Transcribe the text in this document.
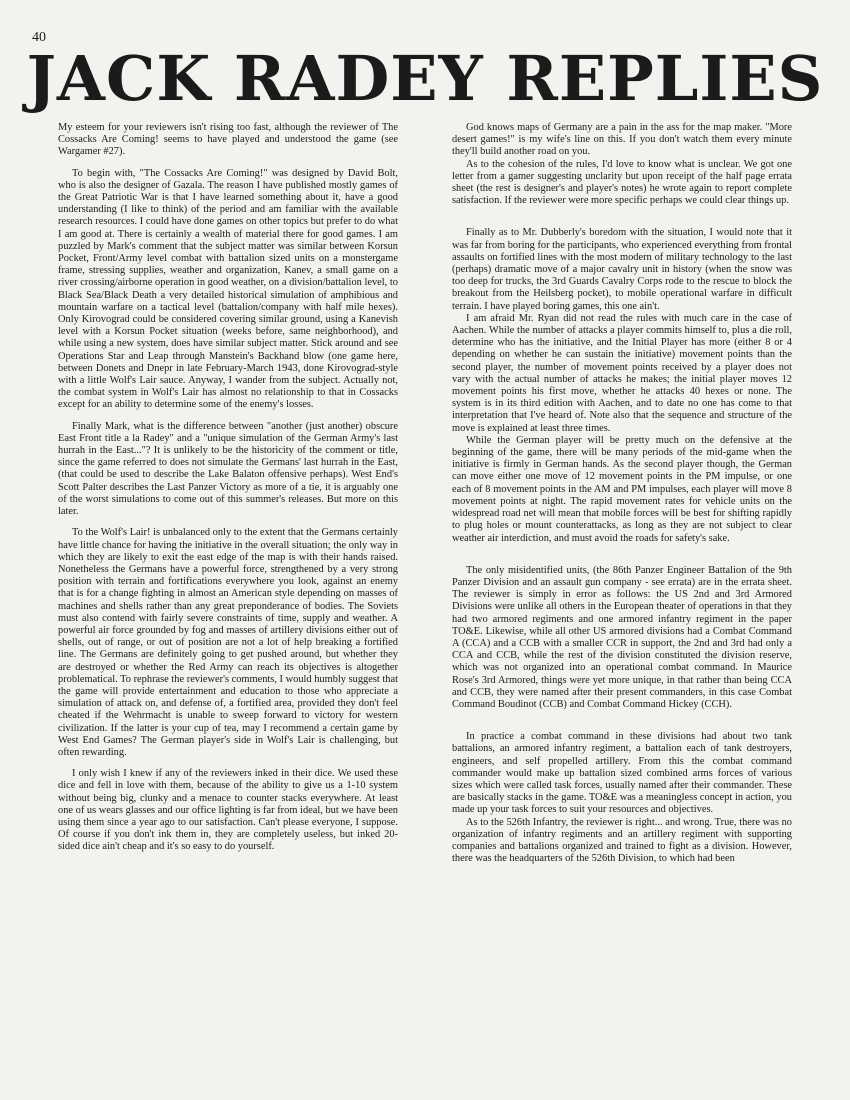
40
JACK RADEY REPLIES

My esteem for your reviewers isn't rising too fast, although the reviewer of The Cossacks Are Coming! seems to have played and understood the game (see Wargamer #27).

To begin with, "The Cossacks Are Coming!" was designed by David Bolt, who is also the designer of Gazala. The reason I have published mostly games of the Great Patriotic War is that I have learned something about it, have a good understanding (I like to think) of the period and am familiar with the available research resources. I could have done games on other topics but prefer to do what I am good at. There is certainly a wealth of material there for good games. I am puzzled by Mark's comment that the subject matter was similar between Korsun Pocket, Front/Army level combat with battalion sized units on a monstergame frame, stressing supplies, weather and organization, Kanev, a small game on a river crossing/airborne operation in good weather, on a division/battalion level, to Black Sea/Black Death a very detailed historical simulation of amphibious and mountain warfare on a tactical level (battalion/company with half mile hexes). Only Kirovograd could be considered covering similar ground, using a Kanevish level with a Korsun Pocket situation (weeks before, same neighborhood), and while using a new system, does have similar subject matter. Stick around and see Operations Star and Leap through Manstein's Backhand blow (one game here, between Donets and Dnepr in late February-March 1943, done Kirovograd-style with a little Wolf's Lair sauce. Anyway, I wander from the subject. Actually not, the combat system in Wolf's Lair has almost no relationship to that in Cossacks except for an ability to determine some of the enemy's losses.

Finally Mark, what is the difference between "another (just another) obscure East Front title a la Radey" and a "unique simulation of the German Army's last hurrah in the East..."? It is unlikely to be the historicity of the comment or title, since the game referred to does not simulate the Germans' last hurrah in the East, (that could be used to describe the Lake Balaton offensive perhaps). West End's Scott Palter describes the Last Panzer Victory as more of a tie, it is arguably one of the worst simulations to come out of this summer's releases. But more on this later.

To the Wolf's Lair! is unbalanced only to the extent that the Germans certainly have little chance for having the initiative in the overall situation; the only way in which they are likely to exit the east edge of the map is with their hands raised. Nonetheless the Germans have a powerful force, strengthened by a very strong position with terrain and fortifications everywhere you look, against an enemy that is for a change fighting in almost an American style depending on masses of machines and shells rather than any great preponderance of bodies. The Soviets must also contend with fairly severe constraints of time, supply and weather. A powerful air force grounded by fog and masses of artillery divisions either out of shells, out of range, or out of position are not a lot of help breaking a fortified line. The Germans are definitely going to get pushed around, but whether they are destroyed or whether the Red Army can reach its objectives is altogether problematical. To rephrase the reviewer's comments, I would humbly suggest that the game will provide entertainment and education to those who appreciate a simulation of attack on, and defense of, a fortified area, provided they don't feel cheated if the Wehrmacht is unable to sweep forward to victory for western civilization. If the latter is your cup of tea, may I recommend a certain game by West End Games? The German player's side in Wolf's Lair is challenging, but often rewarding.

I only wish I knew if any of the reviewers inked in their dice. We used these dice and fell in love with them, because of the ability to give us a 1-10 system without being big, clunky and a menace to counter stacks everywhere. At least one of us wears glasses and our office lighting is far from ideal, but we have been using them since a year ago to our satisfaction. Can't please everyone, I suppose. Of course if you don't ink them in, they are completely useless, but inked 20-sided dice ain't cheap and it's so easy to do yourself.

God knows maps of Germany are a pain in the ass for the map maker. "More desert games!" is my wife's line on this. If you don't watch them every minute they'll build another road on you.

As to the cohesion of the rules, I'd love to know what is unclear. We got one letter from a gamer suggesting unclarity but upon receipt of the half page errata sheet (the rest is designer's and player's notes) he wrote again to report complete satisfaction. If the reviewer were more specific perhaps we could clear things up.

Finally as to Mr. Dubberly's boredom with the situation, I would note that it was far from boring for the participants, who experienced everything from frontal assaults on fortified lines with the most modern of military technology to the last (perhaps) dramatic move of a major cavalry unit in history (when the snow was too deep for trucks, the 3rd Guards Cavalry Corps rode to the rescue to block the breakout from the Heilsberg pocket), to mobile operational warfare in difficult terrain. I have played boring games, this one ain't.

I am afraid Mr. Ryan did not read the rules with much care in the case of Aachen. While the number of attacks a player commits himself to, plus a die roll, determine who has the initiative, and the Initial Player has more (either 8 or 4 depending on whether he can sustain the initiative) movement points than the second player, the number of movement points received by a player does not vary with the actual number of attacks he makes; the initial player moves 12 movement points his first move, whether he attacks 40 hexes or none. The system is in its third edition with Aachen, and to date no one has come to that interpretation that I've heard of. Note also that the sequence and structure of the move is explained at least three times.

While the German player will be pretty much on the defensive at the beginning of the game, there will be many periods of the mid-game when the initiative is firmly in German hands. As the second player though, the German can move either one move of 12 movement points in the PM impulse, or one each of 8 movement points in the AM and PM impulses, each player will move 8 movement points at night. The rapid movement rates for vehicle units on the widespread road net will mean that mobile forces will be best for shifting rapidly to plug holes or mount counterattacks, as long as they are not subject to clear weather air interdiction, and must avoid the roads for safety's sake.

The only misidentified units, (the 86th Panzer Engineer Battalion of the 9th Panzer Division and an assault gun company - see errata) are in the errata sheet. The reviewer is simply in error as follows: the US 2nd and 3rd Armored Divisions were unlike all others in the European theater of operations in that they had two armored regiments and one armored infantry regiment in the paper TO&E. Likewise, while all other US armored divisions had a Combat Command A (CCA) and a CCB with a smaller CCR in support, the 2nd and 3rd had only a CCA and CCB, while the rest of the division constituted the division reserve, which was not organized into an operational combat command. In Maurice Rose's 3rd Armored, things were yet more unique, in that rather than being CCA and CCB, they were named after their present commanders, in this case Combat Command Boudinot (CCB) and Combat Command Hickey (CCH).

In practice a combat command in these divisions had about two tank battalions, an armored infantry regiment, a battalion each of tank destroyers, engineers, and self propelled artillery. From this the combat command commander would make up battalion sized combined arms forces of various sizes which were called task forces, usually named after their commander. These are basically stacks in the game. TO&E was a meaningless concept in action, you made up your task forces to suit your resources and objectives.

As to the 526th Infantry, the reviewer is right... and wrong. True, there was no organization of infantry regiments and an artillery regiment with supporting companies and battalions organized and trained to fight as a division. However, there was the headquarters of the 526th Division, to which had been
